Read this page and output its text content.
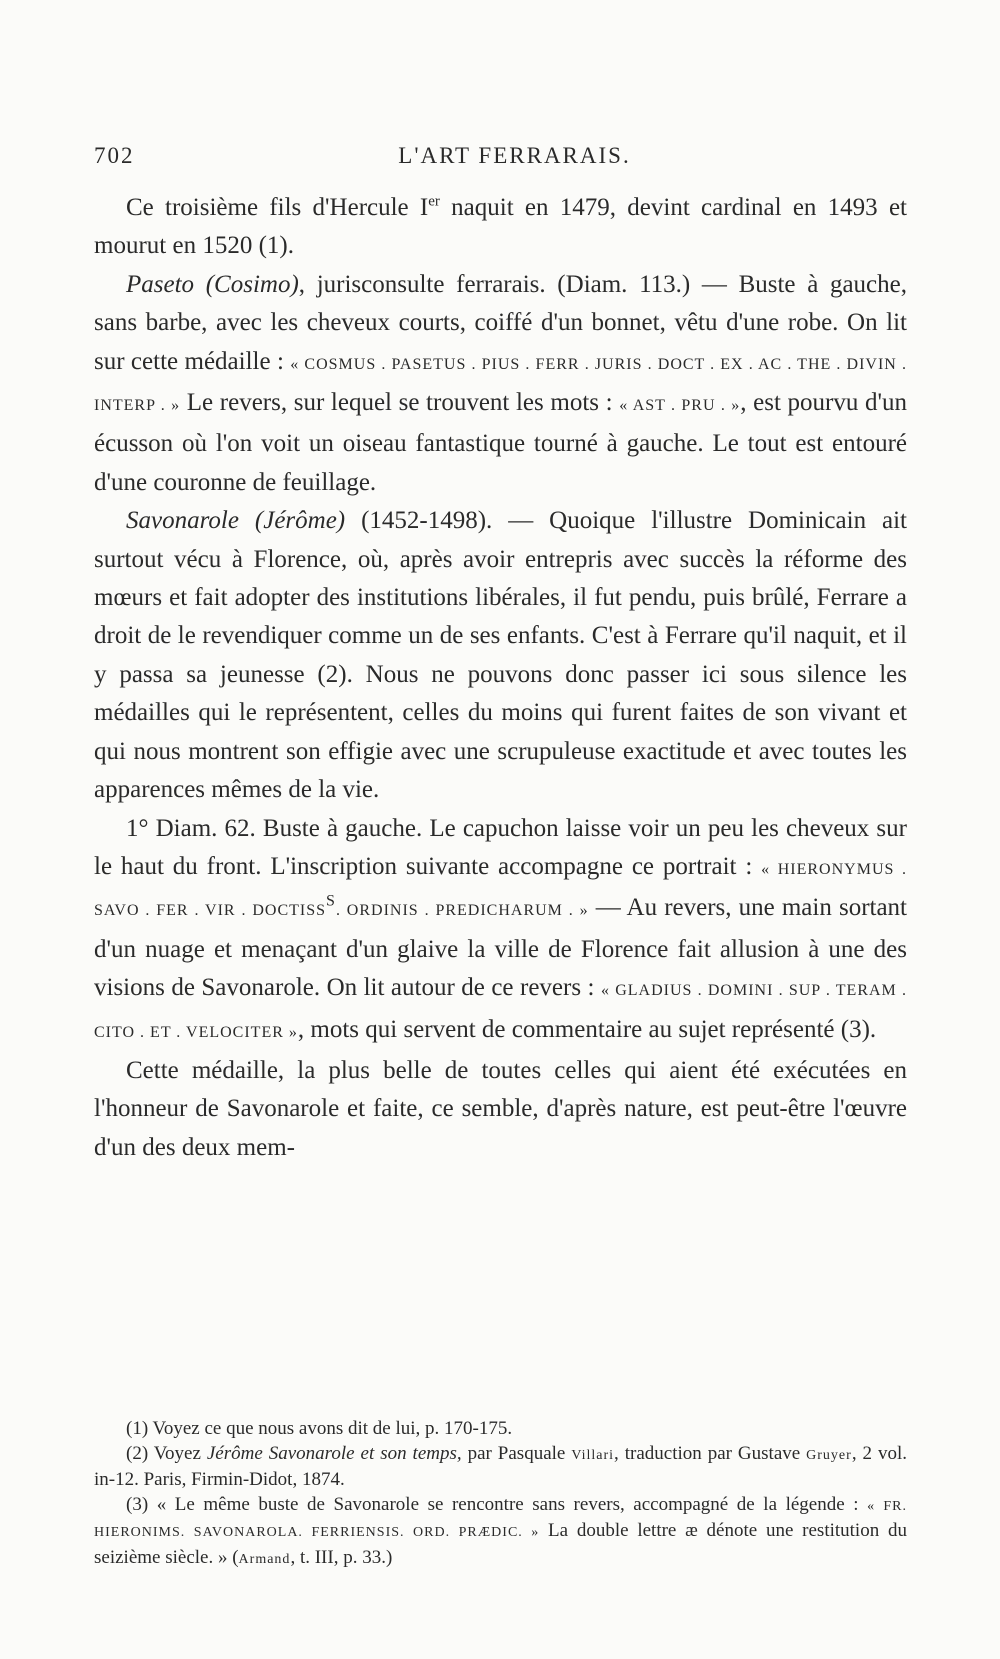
702	L'ART FERRARAIS.

Ce troisième fils d'Hercule Ier naquit en 1479, devint cardinal en 1493 et mourut en 1520 (1).

Paseto (Cosimo), jurisconsulte ferrarais. (Diam. 113.) — Buste à gauche, sans barbe, avec les cheveux courts, coiffé d'un bonnet, vêtu d'une robe. On lit sur cette médaille : « COSMUS . PASETUS . PIUS . FERR . JURIS . DOCT . EX . AC . THE . DIVIN . INTERP . » Le revers, sur lequel se trouvent les mots : « AST . PRU . », est pourvu d'un écusson où l'on voit un oiseau fantastique tourné à gauche. Le tout est entouré d'une couronne de feuillage.

Savonarole (Jérôme) (1452-1498). — Quoique l'illustre Dominicain ait surtout vécu à Florence, où, après avoir entrepris avec succès la réforme des mœurs et fait adopter des institutions libérales, il fut pendu, puis brûlé, Ferrare a droit de le revendiquer comme un de ses enfants. C'est à Ferrare qu'il naquit, et il y passa sa jeunesse (2). Nous ne pouvons donc passer ici sous silence les médailles qui le représentent, celles du moins qui furent faites de son vivant et qui nous montrent son effigie avec une scrupuleuse exactitude et avec toutes les apparences mêmes de la vie.

1° Diam. 62. Buste à gauche. Le capuchon laisse voir un peu les cheveux sur le haut du front. L'inscription suivante accompagne ce portrait : « HIERONYMUS . SAVO . FER . VIR . $DOCTISS^S$. ORDINIS . PREDICHARUM . » — Au revers, une main sortant d'un nuage et menaçant d'un glaive la ville de Florence fait allusion à une des visions de Savonarole. On lit autour de ce revers : « GLADIUS . DOMINI . SUP . TERAM . CITO . ET . VELOCITER », mots qui servent de commentaire au sujet représenté (3).

Cette médaille, la plus belle de toutes celles qui aient été exécutées en l'honneur de Savonarole et faite, ce semble, d'après nature, est peut-être l'œuvre d'un des deux mem-

(1) Voyez ce que nous avons dit de lui, p. 170-175.

(2) Voyez Jérôme Savonarole et son temps, par Pasquale Villari, traduction par Gustave Gruyer, 2 vol. in-12. Paris, Firmin-Didot, 1874.

(3) « Le même buste de Savonarole se rencontre sans revers, accompagné de la légende : « FR. HIERONIMS. SAVONAROLA. FERRIENSIS. ORD. PRÆDIC. » La double lettre æ dénote une restitution du seizième siècle. » (Armand, t. III, p. 33.)
